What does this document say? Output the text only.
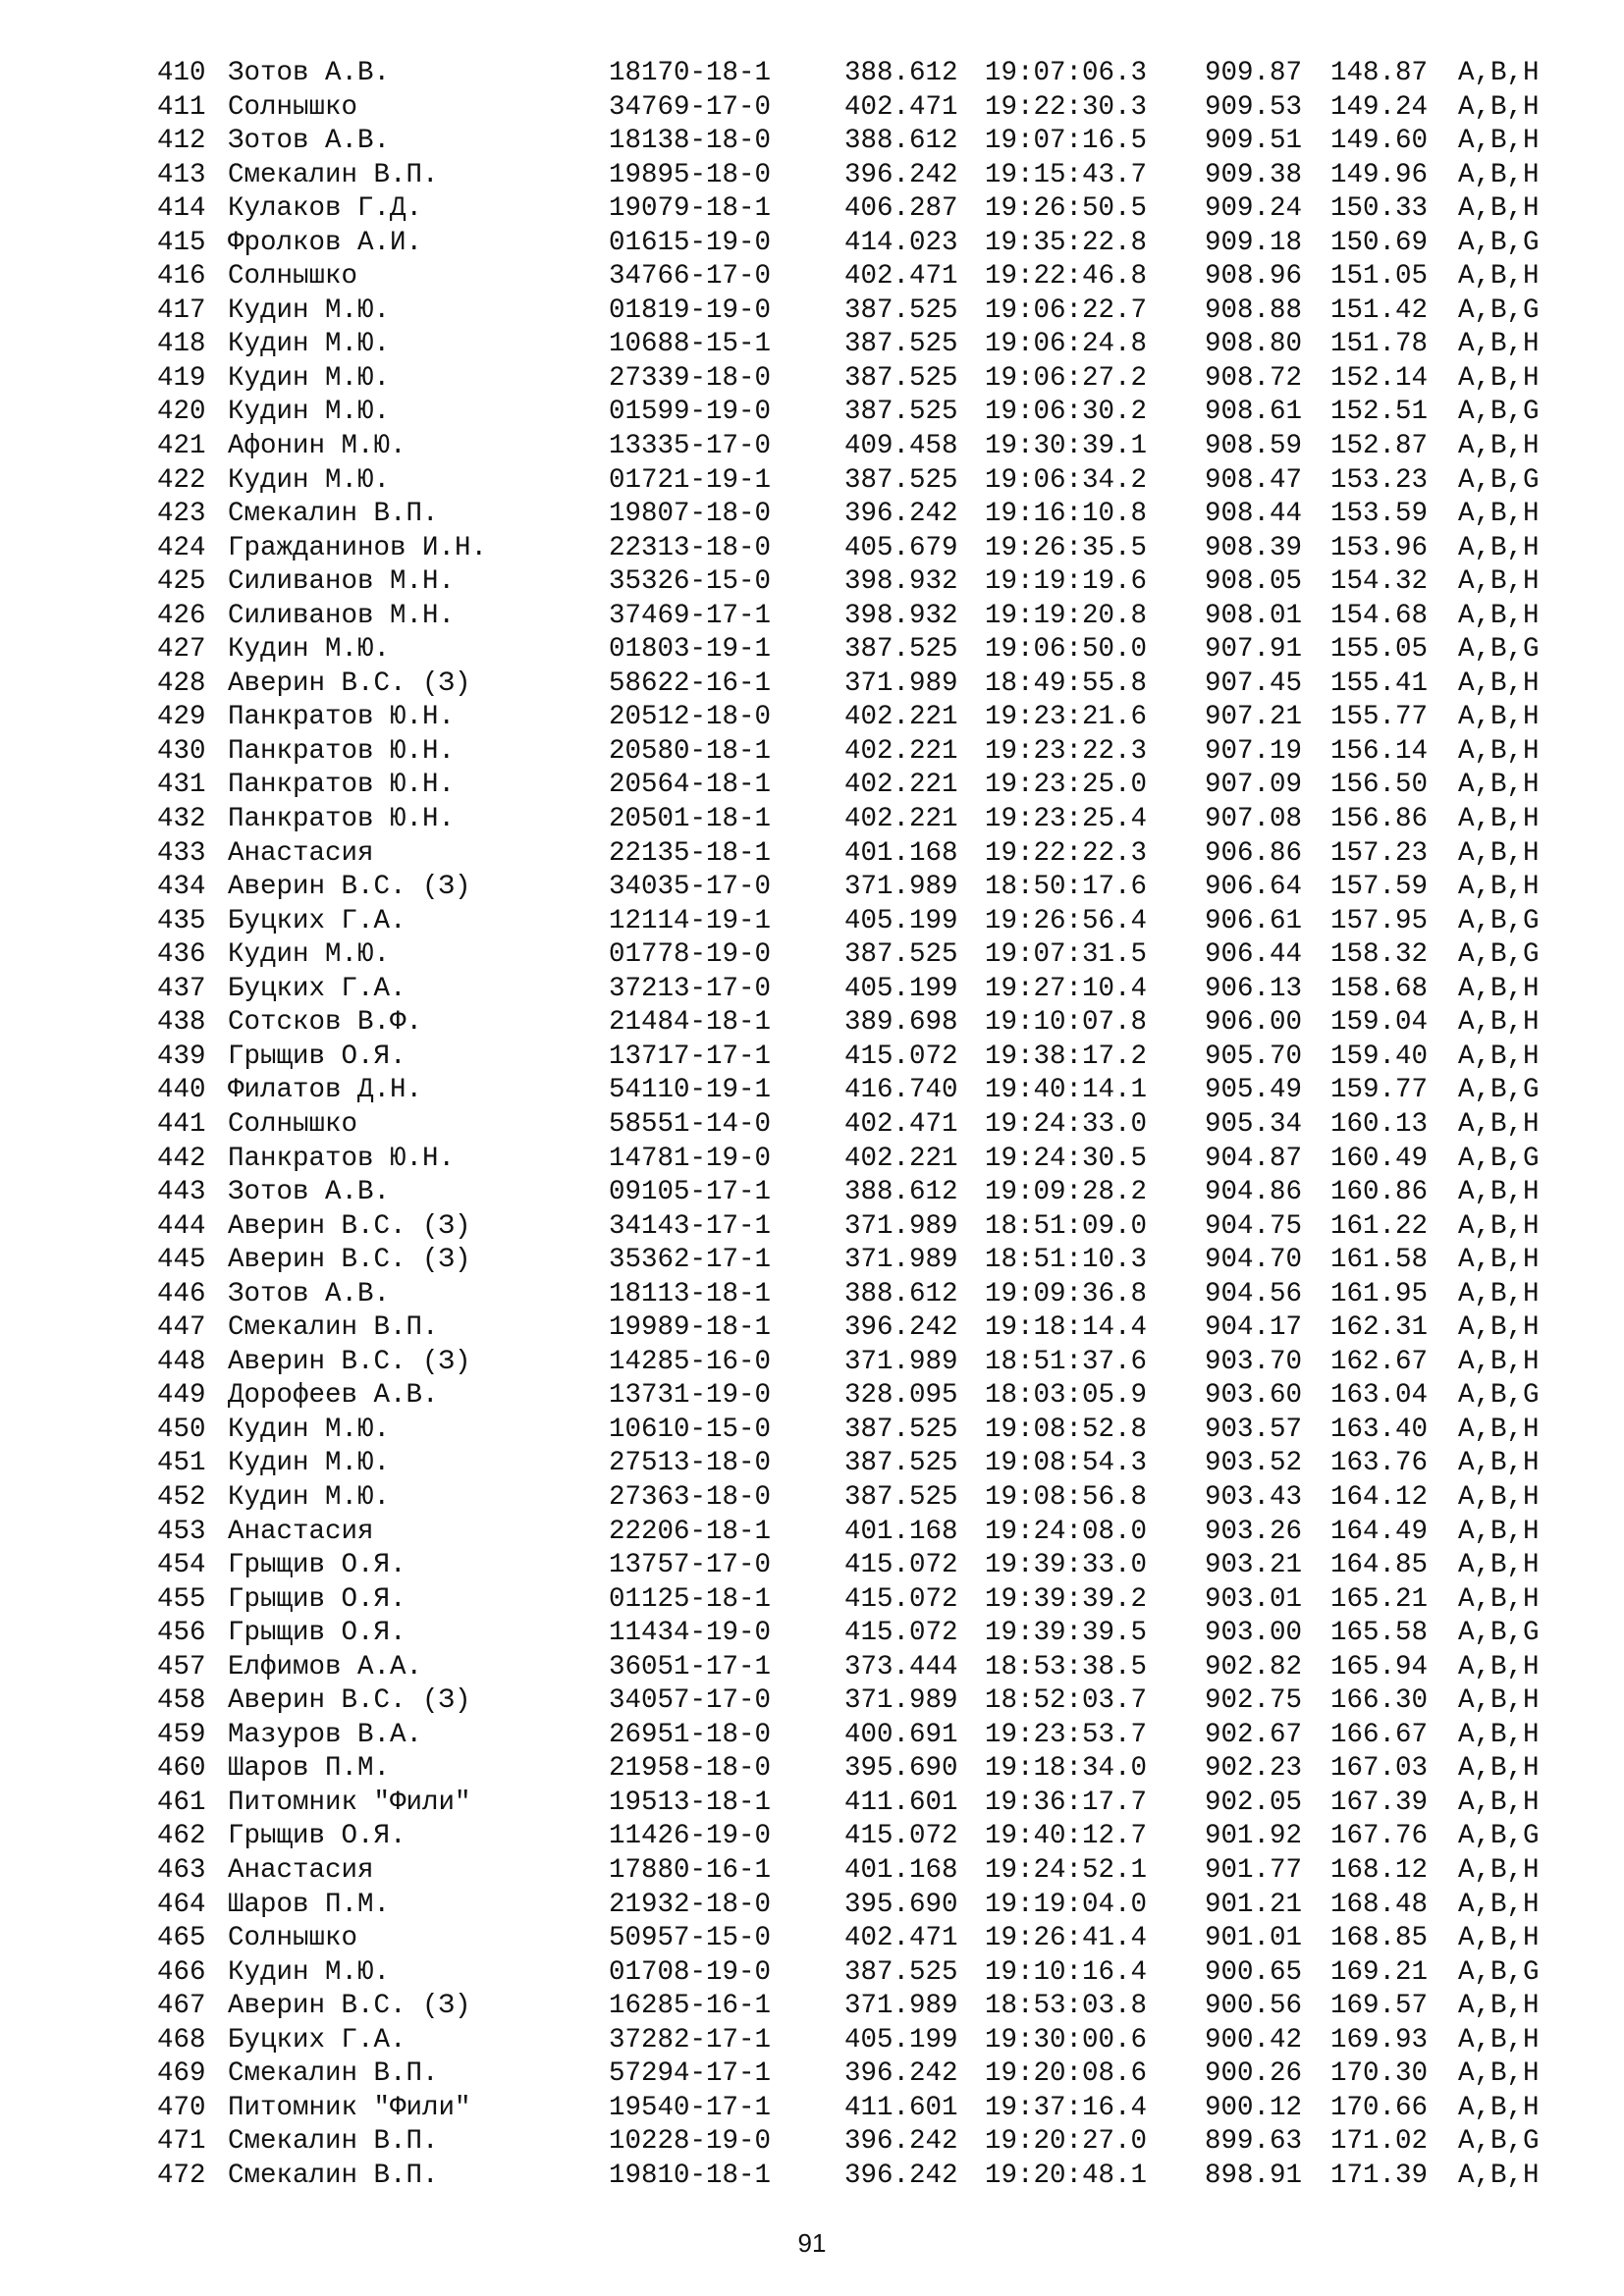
410	Зотов А.В.	18170-18-1	388.612	19:07:06.3	909.87	148.87	A,B,H
411	Солнышко	34769-17-0	402.471	19:22:30.3	909.53	149.24	A,B,H
412	Зотов А.В.	18138-18-0	388.612	19:07:16.5	909.51	149.60	A,B,H
413	Смекалин В.П.	19895-18-0	396.242	19:15:43.7	909.38	149.96	A,B,H
414	Кулаков Г.Д.	19079-18-1	406.287	19:26:50.5	909.24	150.33	A,B,H
415	Фролков А.И.	01615-19-0	414.023	19:35:22.8	909.18	150.69	A,B,G
416	Солнышко	34766-17-0	402.471	19:22:46.8	908.96	151.05	A,B,H
417	Кудин М.Ю.	01819-19-0	387.525	19:06:22.7	908.88	151.42	A,B,G
418	Кудин М.Ю.	10688-15-1	387.525	19:06:24.8	908.80	151.78	A,B,H
419	Кудин М.Ю.	27339-18-0	387.525	19:06:27.2	908.72	152.14	A,B,H
420	Кудин М.Ю.	01599-19-0	387.525	19:06:30.2	908.61	152.51	A,B,G
421	Афонин М.Ю.	13335-17-0	409.458	19:30:39.1	908.59	152.87	A,B,H
422	Кудин М.Ю.	01721-19-1	387.525	19:06:34.2	908.47	153.23	A,B,G
423	Смекалин В.П.	19807-18-0	396.242	19:16:10.8	908.44	153.59	A,B,H
424	Гражданинов И.Н.	22313-18-0	405.679	19:26:35.5	908.39	153.96	A,B,H
425	Силиванов М.Н.	35326-15-0	398.932	19:19:19.6	908.05	154.32	A,B,H
426	Силиванов М.Н.	37469-17-1	398.932	19:19:20.8	908.01	154.68	A,B,H
427	Кудин М.Ю.	01803-19-1	387.525	19:06:50.0	907.91	155.05	A,B,G
428	Аверин В.С. (З)	58622-16-1	371.989	18:49:55.8	907.45	155.41	A,B,H
429	Панкратов Ю.Н.	20512-18-0	402.221	19:23:21.6	907.21	155.77	A,B,H
430	Панкратов Ю.Н.	20580-18-1	402.221	19:23:22.3	907.19	156.14	A,B,H
431	Панкратов Ю.Н.	20564-18-1	402.221	19:23:25.0	907.09	156.50	A,B,H
432	Панкратов Ю.Н.	20501-18-1	402.221	19:23:25.4	907.08	156.86	A,B,H
433	Анастасия	22135-18-1	401.168	19:22:22.3	906.86	157.23	A,B,H
434	Аверин В.С. (З)	34035-17-0	371.989	18:50:17.6	906.64	157.59	A,B,H
435	Буцких Г.А.	12114-19-1	405.199	19:26:56.4	906.61	157.95	A,B,G
436	Кудин М.Ю.	01778-19-0	387.525	19:07:31.5	906.44	158.32	A,B,G
437	Буцких Г.А.	37213-17-0	405.199	19:27:10.4	906.13	158.68	A,B,H
438	Сотсков В.Ф.	21484-18-1	389.698	19:10:07.8	906.00	159.04	A,B,H
439	Грыщив О.Я.	13717-17-1	415.072	19:38:17.2	905.70	159.40	A,B,H
440	Филатов Д.Н.	54110-19-1	416.740	19:40:14.1	905.49	159.77	A,B,G
441	Солнышко	58551-14-0	402.471	19:24:33.0	905.34	160.13	A,B,H
442	Панкратов Ю.Н.	14781-19-0	402.221	19:24:30.5	904.87	160.49	A,B,G
443	Зотов А.В.	09105-17-1	388.612	19:09:28.2	904.86	160.86	A,B,H
444	Аверин В.С. (З)	34143-17-1	371.989	18:51:09.0	904.75	161.22	A,B,H
445	Аверин В.С. (З)	35362-17-1	371.989	18:51:10.3	904.70	161.58	A,B,H
446	Зотов А.В.	18113-18-1	388.612	19:09:36.8	904.56	161.95	A,B,H
447	Смекалин В.П.	19989-18-1	396.242	19:18:14.4	904.17	162.31	A,B,H
448	Аверин В.С. (З)	14285-16-0	371.989	18:51:37.6	903.70	162.67	A,B,H
449	Дорофеев А.В.	13731-19-0	328.095	18:03:05.9	903.60	163.04	A,B,G
450	Кудин М.Ю.	10610-15-0	387.525	19:08:52.8	903.57	163.40	A,B,H
451	Кудин М.Ю.	27513-18-0	387.525	19:08:54.3	903.52	163.76	A,B,H
452	Кудин М.Ю.	27363-18-0	387.525	19:08:56.8	903.43	164.12	A,B,H
453	Анастасия	22206-18-1	401.168	19:24:08.0	903.26	164.49	A,B,H
454	Грыщив О.Я.	13757-17-0	415.072	19:39:33.0	903.21	164.85	A,B,H
455	Грыщив О.Я.	01125-18-1	415.072	19:39:39.2	903.01	165.21	A,B,H
456	Грыщив О.Я.	11434-19-0	415.072	19:39:39.5	903.00	165.58	A,B,G
457	Елфимов А.А.	36051-17-1	373.444	18:53:38.5	902.82	165.94	A,B,H
458	Аверин В.С. (З)	34057-17-0	371.989	18:52:03.7	902.75	166.30	A,B,H
459	Мазуров В.А.	26951-18-0	400.691	19:23:53.7	902.67	166.67	A,B,H
460	Шаров П.М.	21958-18-0	395.690	19:18:34.0	902.23	167.03	A,B,H
461	Питомник "Фили"	19513-18-1	411.601	19:36:17.7	902.05	167.39	A,B,H
462	Грыщив О.Я.	11426-19-0	415.072	19:40:12.7	901.92	167.76	A,B,G
463	Анастасия	17880-16-1	401.168	19:24:52.1	901.77	168.12	A,B,H
464	Шаров П.М.	21932-18-0	395.690	19:19:04.0	901.21	168.48	A,B,H
465	Солнышко	50957-15-0	402.471	19:26:41.4	901.01	168.85	A,B,H
466	Кудин М.Ю.	01708-19-0	387.525	19:10:16.4	900.65	169.21	A,B,G
467	Аверин В.С. (З)	16285-16-1	371.989	18:53:03.8	900.56	169.57	A,B,H
468	Буцких Г.А.	37282-17-1	405.199	19:30:00.6	900.42	169.93	A,B,H
469	Смекалин В.П.	57294-17-1	396.242	19:20:08.6	900.26	170.30	A,B,H
470	Питомник "Фили"	19540-17-1	411.601	19:37:16.4	900.12	170.66	A,B,H
471	Смекалин В.П.	10228-19-0	396.242	19:20:27.0	899.63	171.02	A,B,G
472	Смекалин В.П.	19810-18-1	396.242	19:20:48.1	898.91	171.39	A,B,H
91
